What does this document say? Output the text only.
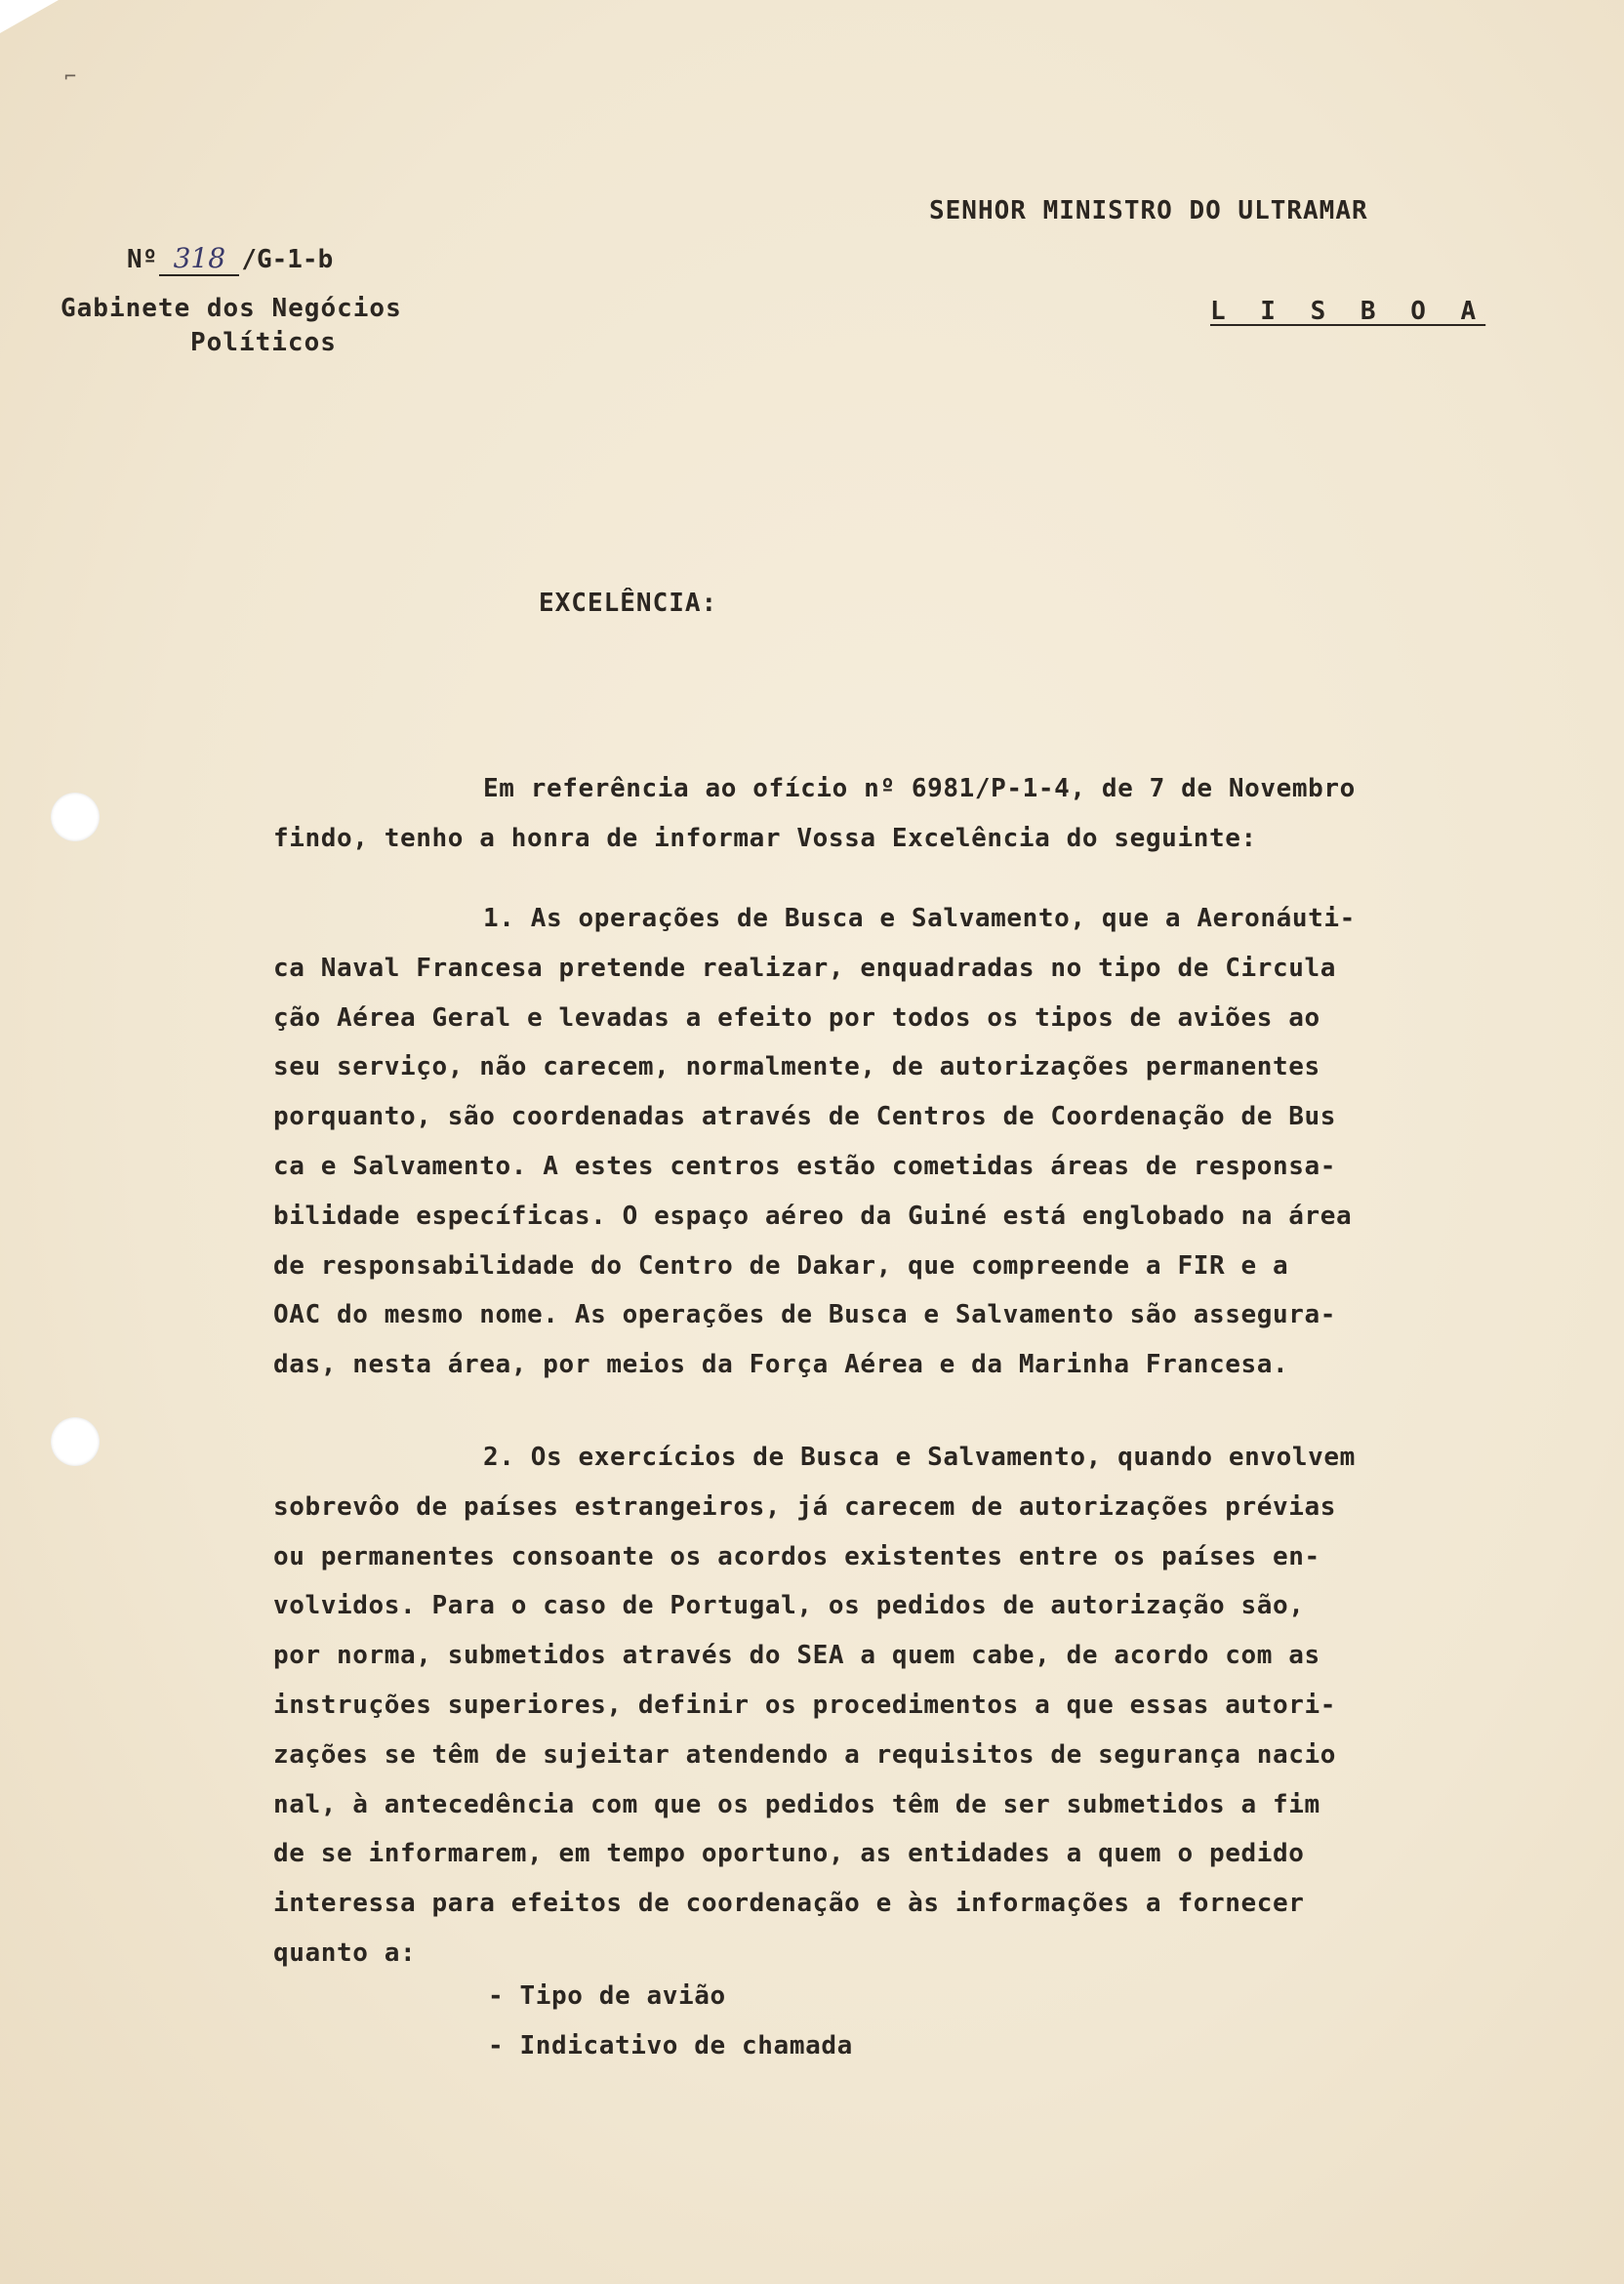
⌐
SENHOR MINISTRO DO ULTRAMAR
L I S B O A
Nº 318 /G-1-b
Gabinete dos Negócios
Políticos
EXCELÊNCIA:
Em referência ao ofício nº 6981/P-1-4, de 7 de Novembro
findo, tenho a honra de informar Vossa Excelência do seguinte:
1. As operações de Busca e Salvamento, que a Aeronáuti-
ca Naval Francesa pretende realizar, enquadradas no tipo de Circula
ção Aérea Geral e levadas a efeito por todos os tipos de aviões ao
seu serviço, não carecem, normalmente, de autorizações permanentes
porquanto, são coordenadas através de Centros de Coordenação de Bus
ca e Salvamento. A estes centros estão cometidas áreas de responsa-
bilidade específicas. O espaço aéreo da Guiné está englobado na área
de responsabilidade do Centro de Dakar, que compreende a FIR e a
OAC do mesmo nome. As operações de Busca e Salvamento são assegura-
das, nesta área, por meios da Força Aérea e da Marinha Francesa.
2. Os exercícios de Busca e Salvamento, quando envolvem
sobrevôo de países estrangeiros, já carecem de autorizações prévias
ou permanentes consoante os acordos existentes entre os países en-
volvidos. Para o caso de Portugal, os pedidos de autorização são,
por norma, submetidos através do SEA a quem cabe, de acordo com as
instruções superiores, definir os procedimentos a que essas autori-
zações se têm de sujeitar atendendo a requisitos de segurança nacio
nal, à antecedência com que os pedidos têm de ser submetidos a fim
de se informarem, em tempo oportuno, as entidades a quem o pedido
interessa para efeitos de coordenação e às informações a fornecer
quanto a:
- Tipo de avião
- Indicativo de chamada
